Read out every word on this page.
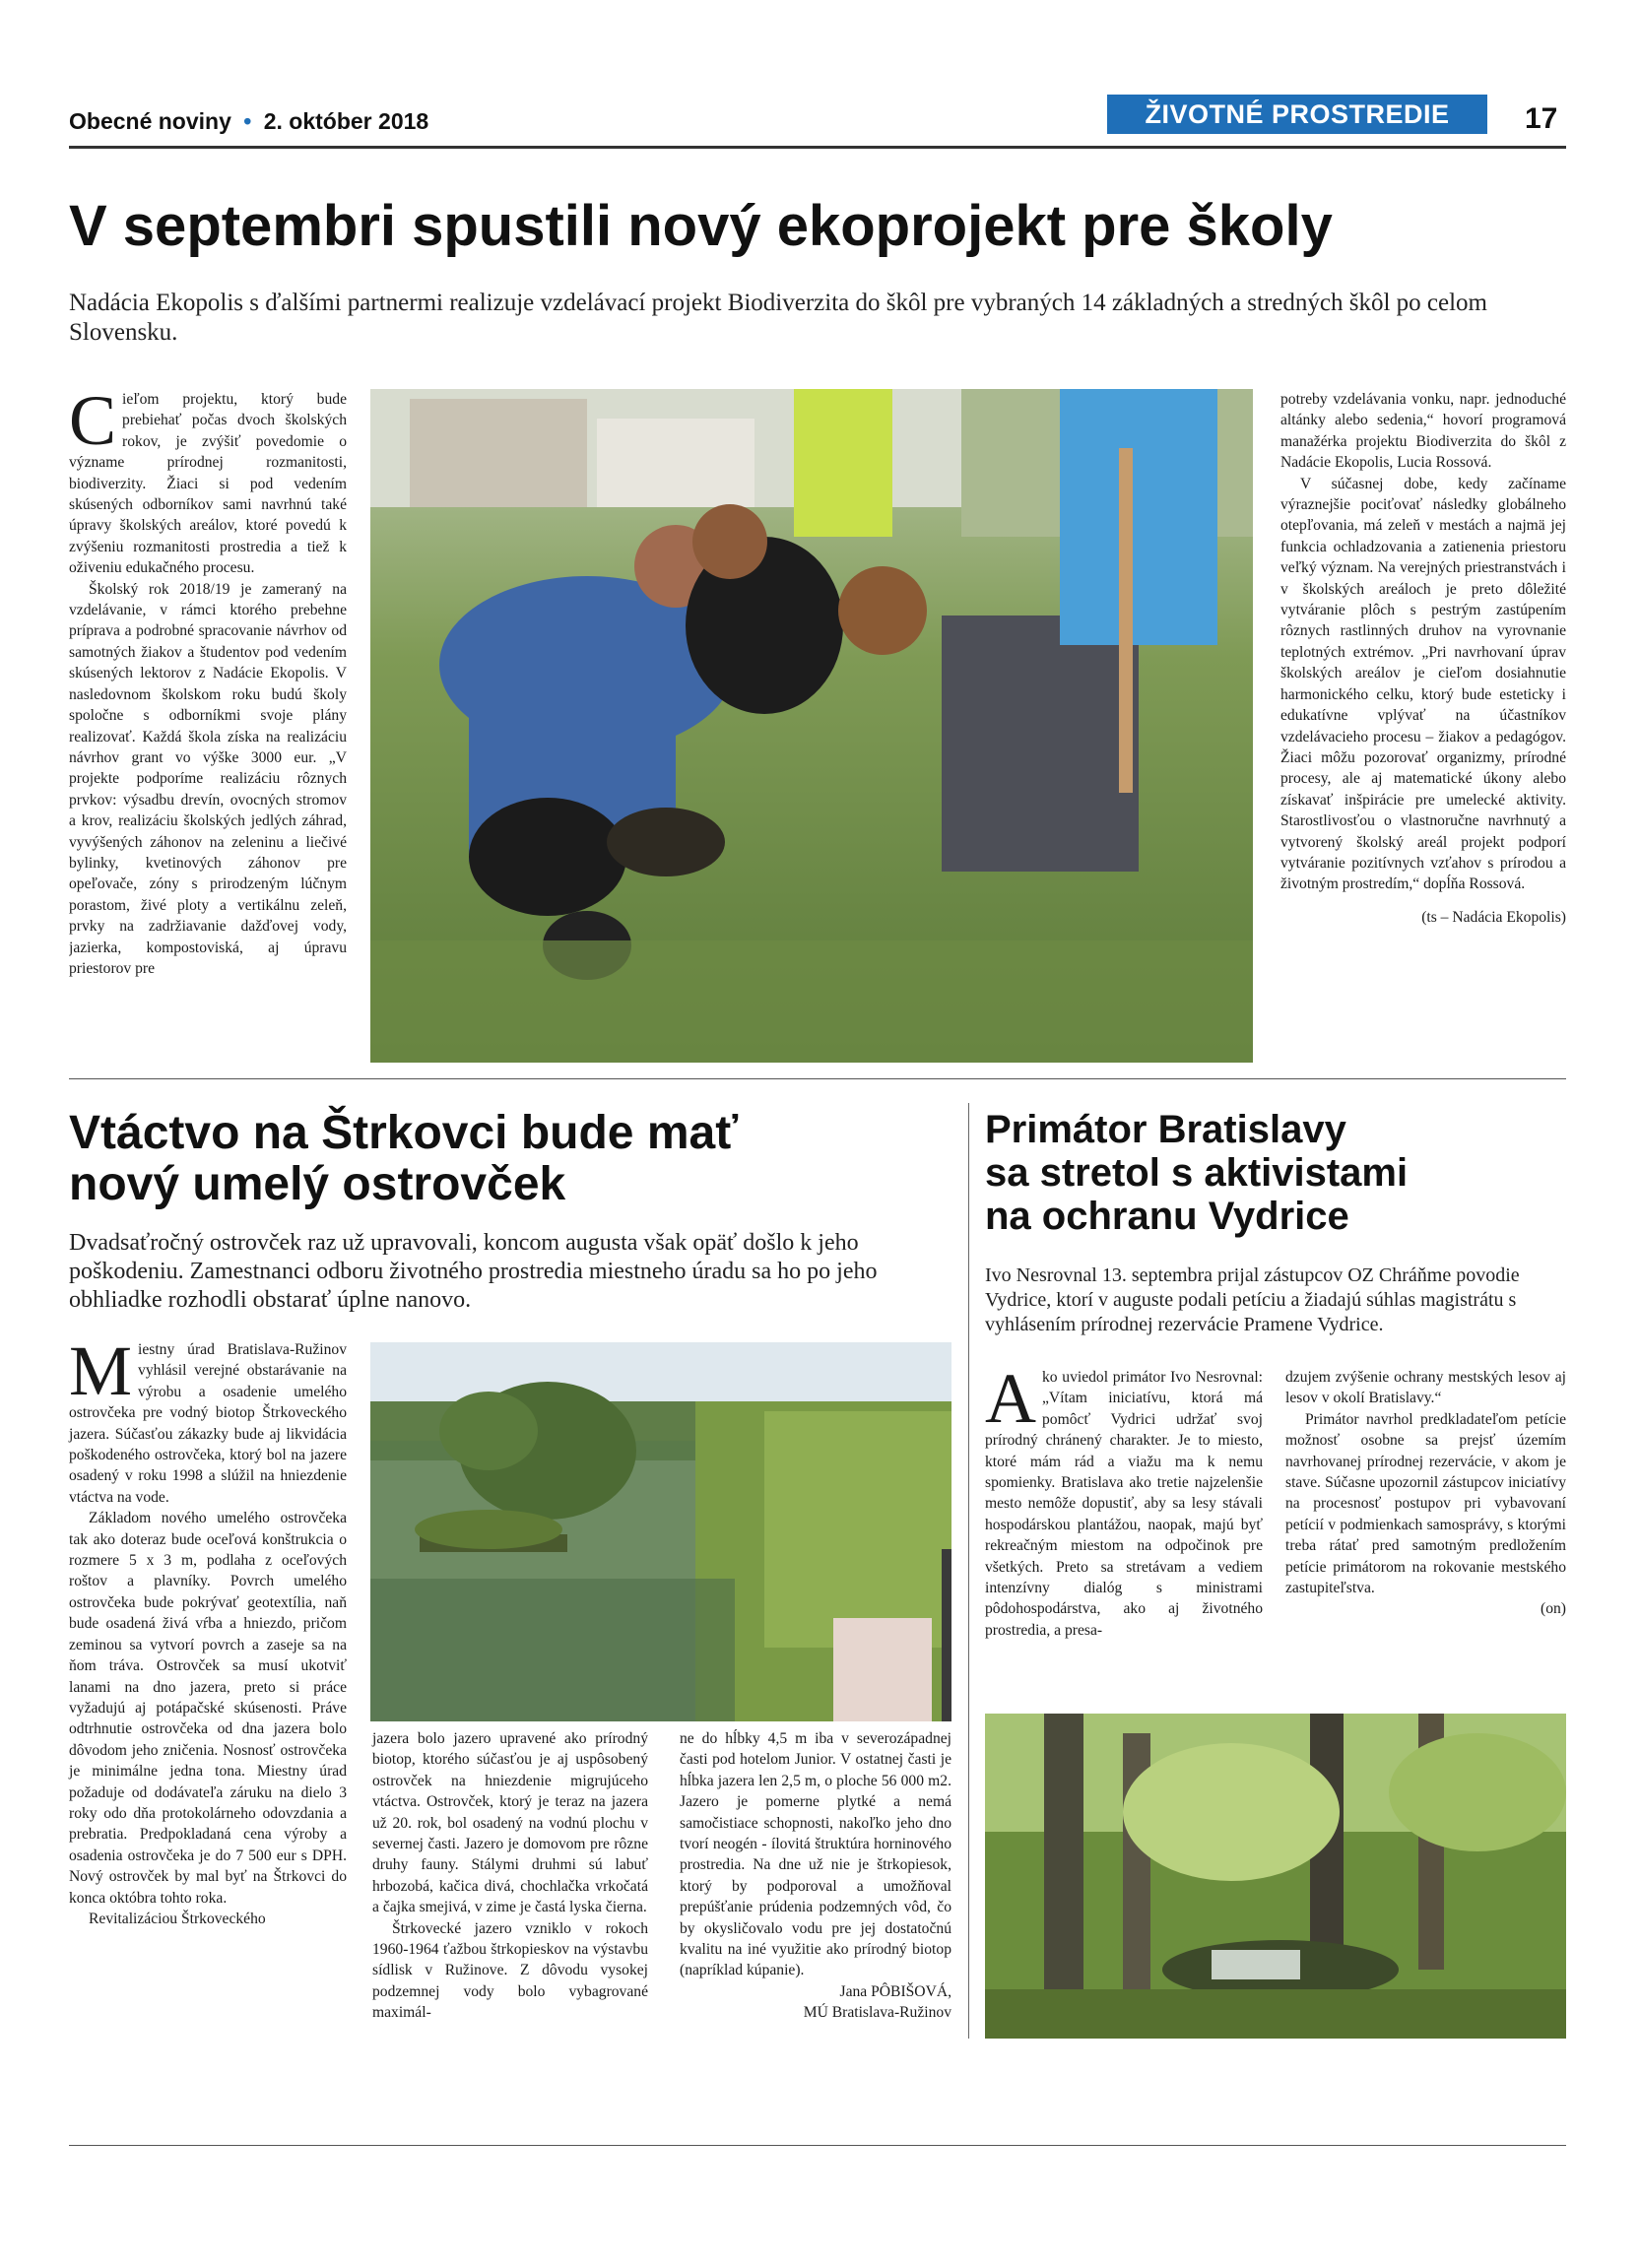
Obecné noviny • 2. október 2018	ŽIVOTNÉ PROSTREDIE	17
V septembri spustili nový ekoprojekt pre školy
Nadácia Ekopolis s ďalšími partnermi realizuje vzdelávací projekt Biodiverzita do škôl pre vybraných 14 základných a stredných škôl po celom Slovensku.
C ieľom projektu, ktorý bude prebiehať počas dvoch školských rokov, je zvýšiť povedomie o význame prírodnej rozmanitosti, biodiverzity. Žiaci si pod vedením skúsených odborníkov sami navrhnú také úpravy školských areálov, ktoré povedú k zvýšeniu rozmanitosti prostredia a tiež k oživeniu edukačného procesu.

Školský rok 2018/19 je zameraný na vzdelávanie, v rámci ktorého prebehne príprava a podrobné spracovanie návrhov od samotných žiakov a študentov pod vedením skúsených lektorov z Nadácie Ekopolis. V nasledovnom školskom roku budú školy spoločne s odborníkmi svoje plány realizovať. Každá škola získa na realizáciu návrhov grant vo výške 3000 eur. „V projekte podporíme realizáciu rôznych prvkov: výsadbu drevín, ovocných stromov a krov, realizáciu školských jedlých záhrad, vyvýšených záhonov na zeleninu a liečivé bylinky, kvetinových záhonov pre opeľovače, zóny s prirodzeným lúčnym porastom, živé ploty a vertikálnu zeleň, prvky na zadržiavanie dažďovej vody, jazierka, kompostoviská, aj úpravu priestorov pre

potreby vzdelávania vonku, napr. jednoduché altánky alebo sedenia,“ hovorí programová manažérka projektu Biodiverzita do škôl z Nadácie Ekopolis, Lucia Rossová.

V súčasnej dobe, kedy začíname výraznejšie pociťovať následky globálneho otepľovania, má zeleň v mestách a najmä jej funkcia ochladzovania a zatienenia priestoru veľký význam. Na verejných priestranstvách i v školských areáloch je preto dôležité vytváranie plôch s pestrým zastúpením rôznych rastlinných druhov na vyrovnanie teplotných extrémov. „Pri navrhovaní úprav školských areálov je cieľom dosiahnutie harmonického celku, ktorý bude esteticky i edukatívne vplývať na účastníkov vzdelávacieho procesu – žiakov a pedagógov. Žiaci môžu pozorovať organizmy, prírodné procesy, ale aj matematické úkony alebo získavať inšpirácie pre umelecké aktivity. Starostlivosťou o vlastnoručne navrhnutý a vytvorený školský areál projekt podporí vytváranie pozitívnych vzťahov s prírodou a životným prostredím,“ dopĺňa Rossová.

(ts – Nadácia Ekopolis)

Vtáctvo na Štrkovci bude mať
nový umelý ostrovček
Dvadsaťročný ostrovček raz už upravovali, koncom augusta však opäť došlo k jeho poškodeniu. Zamestnanci odboru životného prostredia miestneho úradu sa ho po jeho obhliadke rozhodli obstarať úplne nanovo.
M iestny úrad Bratislava-Ružinov vyhlásil verejné obstarávanie na výrobu a osadenie umelého ostrovčeka pre vodný biotop Štrkoveckého jazera. Súčasťou zákazky bude aj likvidácia poškodeného ostrovčeka, ktorý bol na jazere osadený v roku 1998 a slúžil na hniezdenie vtáctva na vode.

Základom nového umelého ostrovčeka tak ako doteraz bude oceľová konštrukcia o rozmere 5 x 3 m, podlaha z oceľových roštov a plavníky. Povrch umelého ostrovčeka bude pokrývať geotextília, naň bude osadená živá vŕba a hniezdo, pričom zeminou sa vytvorí povrch a zaseje sa na ňom tráva. Ostrovček sa musí ukotviť lanami na dno jazera, preto si práce vyžadujú aj potápačské skúsenosti. Práve odtrhnutie ostrovčeka od dna jazera bolo dôvodom jeho zničenia. Nosnosť ostrovčeka je minimálne jedna tona. Miestny úrad požaduje od dodávateľa záruku na dielo 3 roky odo dňa protokolárneho odovzdania a prebratia. Predpokladaná cena výroby a osadenia ostrovčeka je do 7 500 eur s DPH. Nový ostrovček by mal byť na Štrkovci do konca októbra tohto roka.

Revitalizáciou Štrkoveckého

jazera bolo jazero upravené ako prírodný biotop, ktorého súčasťou je aj uspôsobený ostrovček na hniezdenie migrujúceho vtáctva. Ostrovček, ktorý je teraz na jazera už 20. rok, bol osadený na vodnú plochu v severnej časti. Jazero je domovom pre rôzne druhy fauny. Stálymi druhmi sú labuť hrbozobá, kačica divá, chochlačka vrkočatá a čajka smejivá, v zime je častá lyska čierna.

Štrkovecké jazero vzniklo v rokoch 1960-1964 ťažbou štrkopieskov na výstavbu sídlisk v Ružinove. Z dôvodu vysokej podzemnej vody bolo vybagrované maximál-

ne do hĺbky 4,5 m iba v severozápadnej časti pod hotelom Junior. V ostatnej časti je hĺbka jazera len 2,5 m, o ploche 56 000 m2. Jazero je pomerne plytké a nemá samočistiace schopnosti, nakoľko jeho dno tvorí neogén - ílovitá štruktúra horninového prostredia. Na dne už nie je štrkopiesok, ktorý by podporoval a umožňoval prepúšťanie prúdenia podzemných vôd, čo by okysličovalo vodu pre jej dostatočnú kvalitu na iné využitie ako prírodný biotop (napríklad kúpanie).

Jana PÔBIŠOVÁ,

MÚ Bratislava-Ružinov

Primátor Bratislavy
sa stretol s aktivistami
na ochranu Vydrice
Ivo Nesrovnal 13. septembra prijal zástupcov OZ Chráňme povodie Vydrice, ktorí v auguste podali petíciu a žiadajú súhlas magistrátu s vyhlásením prírodnej rezervácie Pramene Vydrice.
A ko uviedol primátor Ivo Nesrovnal: „Vítam iniciatívu, ktorá má pomôcť Vydrici udržať svoj prírodný chránený charakter. Je to miesto, ktoré mám rád a viažu ma k nemu spomienky. Bratislava ako tretie najzelenšie mesto nemôže dopustiť, aby sa lesy stávali hospodárskou plantážou, naopak, majú byť rekreačným miestom na odpočinok pre všetkých. Preto sa stretávam a vediem intenzívny dialóg s ministrami pôdohospodárstva, ako aj životného prostredia, a presa-

dzujem zvýšenie ochrany mestských lesov aj lesov v okolí Bratislavy.“

Primátor navrhol predkladateľom petície možnosť osobne sa prejsť územím navrhovanej prírodnej rezervácie, v akom je stave. Súčasne upozornil zástupcov iniciatívy na procesnosť postupov pri vybavovaní petícií v podmienkach samosprávy, s ktorými treba rátať pred samotným predložením petície primátorom na rokovanie mestského zastupiteľstva.

(on)
